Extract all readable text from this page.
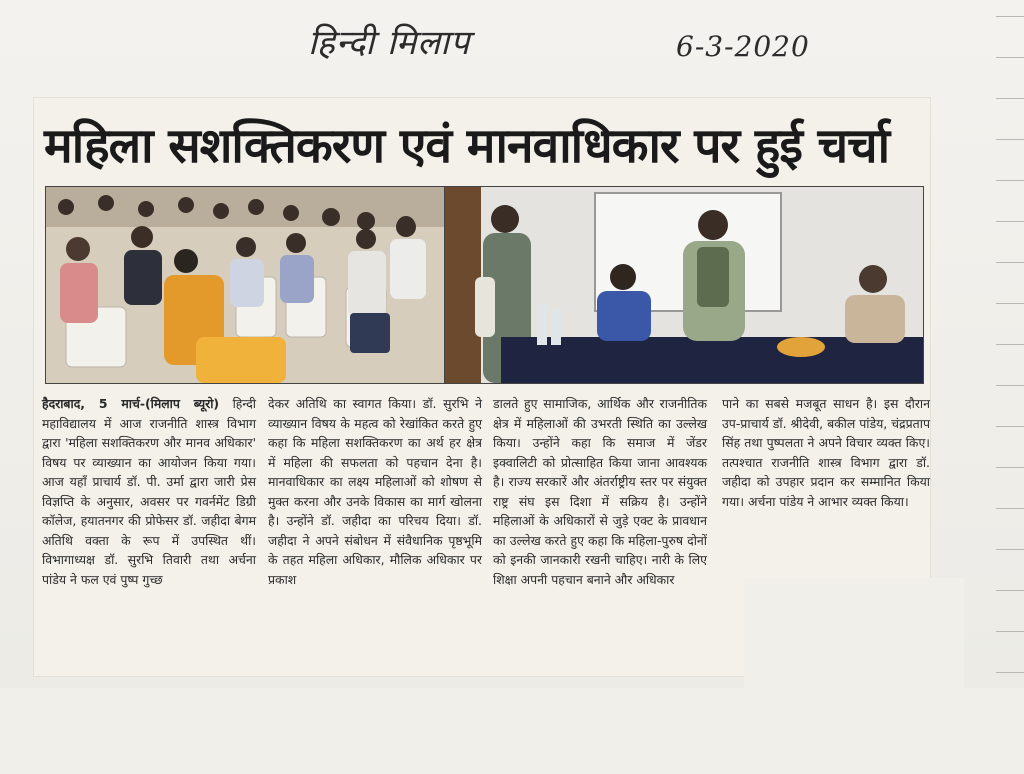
हिन्दी मिलाप	6-3-2020
महिला सशक्तिकरण एवं मानवाधिकार पर हुई चर्चा

हैदराबाद, 5 मार्च-(मिलाप ब्यूरो) हिन्दी महाविद्यालय में आज राजनीति शास्त्र विभाग द्वारा 'महिला सशक्तिकरण और मानव अधिकार' विषय पर व्याख्यान का आयोजन किया गया। आज यहाँ प्राचार्य डॉ. पी. उर्मा द्वारा जारी प्रेस विज्ञप्ति के अनुसार, अवसर पर गवर्नमेंट डिग्री कॉलेज, हयातनगर की प्रोफेसर डॉ. जहीदा बेगम अतिथि वक्ता के रूप में उपस्थित थीं। विभागाध्यक्ष डॉ. सुरभि तिवारी तथा अर्चना पांडेय ने फल एवं पुष्प गुच्छ

देकर अतिथि का स्वागत किया। डॉ. सुरभि ने व्याख्यान विषय के महत्व को रेखांकित करते हुए कहा कि महिला सशक्तिकरण का अर्थ हर क्षेत्र में महिला की सफलता को पहचान देना है। मानवाधिकार का लक्ष्य महिलाओं को शोषण से मुक्त करना और उनके विकास का मार्ग खोलना है। उन्होंने डॉ. जहीदा का परिचय दिया। डॉ. जहीदा ने अपने संबोधन में संवैधानिक पृष्ठभूमि के तहत महिला अधिकार, मौलिक अधिकार पर प्रकाश

डालते हुए सामाजिक, आर्थिक और राजनीतिक क्षेत्र में महिलाओं की उभरती स्थिति का उल्लेख किया। उन्होंने कहा कि समाज में जेंडर इक्वालिटी को प्रोत्साहित किया जाना आवश्यक है। राज्य सरकारें और अंतर्राष्ट्रीय स्तर पर संयुक्त राष्ट्र संघ इस दिशा में सक्रिय है। उन्होंने महिलाओं के अधिकारों से जुड़े एक्ट के प्रावधान का उल्लेख करते हुए कहा कि महिला-पुरुष दोनों को इनकी जानकारी रखनी चाहिए। नारी के लिए शिक्षा अपनी पहचान बनाने और अधिकार

पाने का सबसे मजबूत साधन है। इस दौरान उप-प्राचार्य डॉ. श्रीदेवी, बकील पांडेय, चंद्रप्रताप सिंह तथा पुष्पलता ने अपने विचार व्यक्त किए। तत्पश्चात राजनीति शास्त्र विभाग द्वारा डॉ. जहीदा को उपहार प्रदान कर सम्मानित किया गया। अर्चना पांडेय ने आभार व्यक्त किया।
